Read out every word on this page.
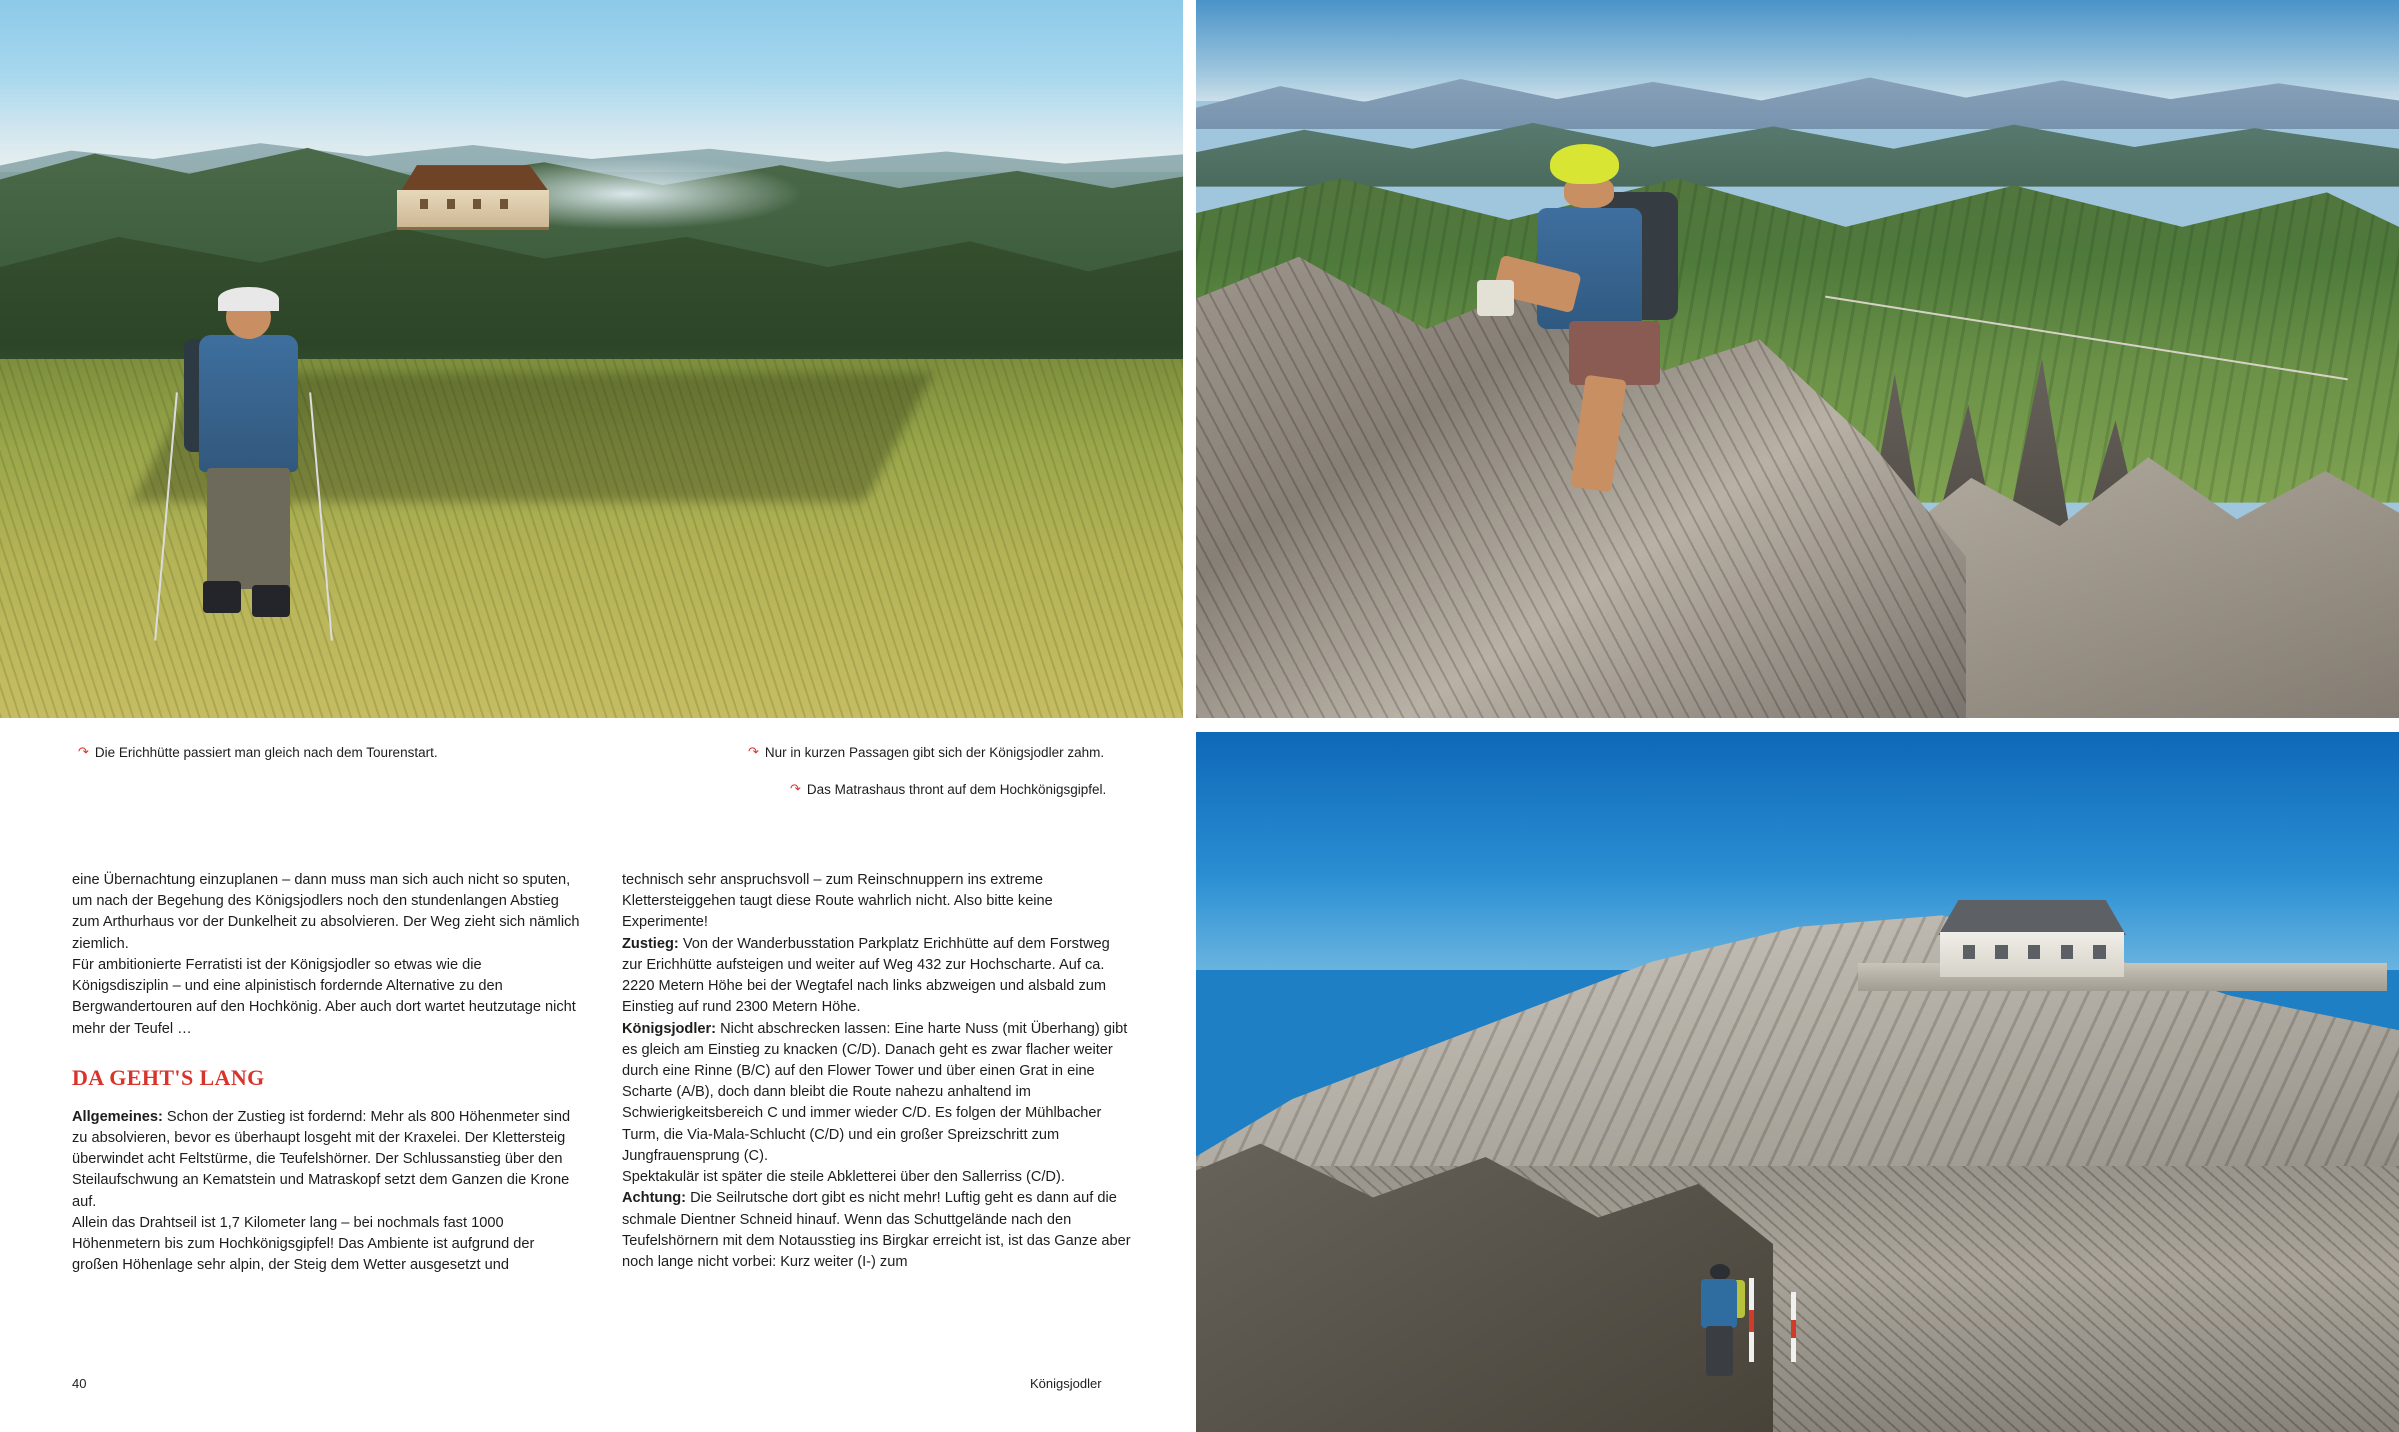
↷ Die Erichhütte passiert man gleich nach dem Tourenstart.	↷ Nur in kurzen Passagen gibt sich der Königsjodler zahm.
↷ Das Matrashaus thront auf dem Hochkönigsgipfel.

eine Übernachtung einzuplanen – dann muss man sich auch nicht so sputen, um nach der Begehung des Königsjodlers noch den stundenlangen Abstieg zum Arthurhaus vor der Dunkelheit zu absolvieren. Der Weg zieht sich nämlich ziemlich.

Für ambitionierte Ferratisti ist der Königsjodler so etwas wie die Königsdisziplin – und eine alpinistisch fordernde Alternative zu den Bergwandertouren auf den Hochkönig. Aber auch dort wartet heutzutage nicht mehr der Teufel …

DA GEHT'S LANG

Allgemeines: Schon der Zustieg ist fordernd: Mehr als 800 Höhenmeter sind zu absolvieren, bevor es überhaupt losgeht mit der Kraxelei. Der Klettersteig überwindet acht Feltstürme, die Teufelshörner. Der Schlussanstieg über den Steilaufschwung an Kematstein und Matraskopf setzt dem Ganzen die Krone auf.

Allein das Drahtseil ist 1,7 Kilometer lang – bei nochmals fast 1000 Höhenmetern bis zum Hochkönigsgipfel! Das Ambiente ist aufgrund der großen Höhenlage sehr alpin, der Steig dem Wetter ausgesetzt und

technisch sehr anspruchsvoll – zum Reinschnuppern ins extreme Klettersteiggehen taugt diese Route wahrlich nicht. Also bitte keine Experimente!

Zustieg: Von der Wanderbusstation Parkplatz Erichhütte auf dem Forstweg zur Erichhütte aufsteigen und weiter auf Weg 432 zur Hochscharte. Auf ca. 2220 Metern Höhe bei der Wegtafel nach links abzweigen und alsbald zum Einstieg auf rund 2300 Metern Höhe.

Königsjodler: Nicht abschrecken lassen: Eine harte Nuss (mit Überhang) gibt es gleich am Einstieg zu knacken (C/D). Danach geht es zwar flacher weiter durch eine Rinne (B/C) auf den Flower Tower und über einen Grat in eine Scharte (A/B), doch dann bleibt die Route nahezu anhaltend im Schwierigkeitsbereich C und immer wieder C/D. Es folgen der Mühlbacher Turm, die Via-Mala-Schlucht (C/D) und ein großer Spreizschritt zum Jungfrauensprung (C).

Spektakulär ist später die steile Abkletterei über den Sallerriss (C/D).

Achtung: Die Seilrutsche dort gibt es nicht mehr! Luftig geht es dann auf die schmale Dientner Schneid hinauf. Wenn das Schuttgelände nach den Teufelshörnern mit dem Notausstieg ins Birgkar erreicht ist, ist das Ganze aber noch lange nicht vorbei: Kurz weiter (I-) zum

40	Königsjodler
